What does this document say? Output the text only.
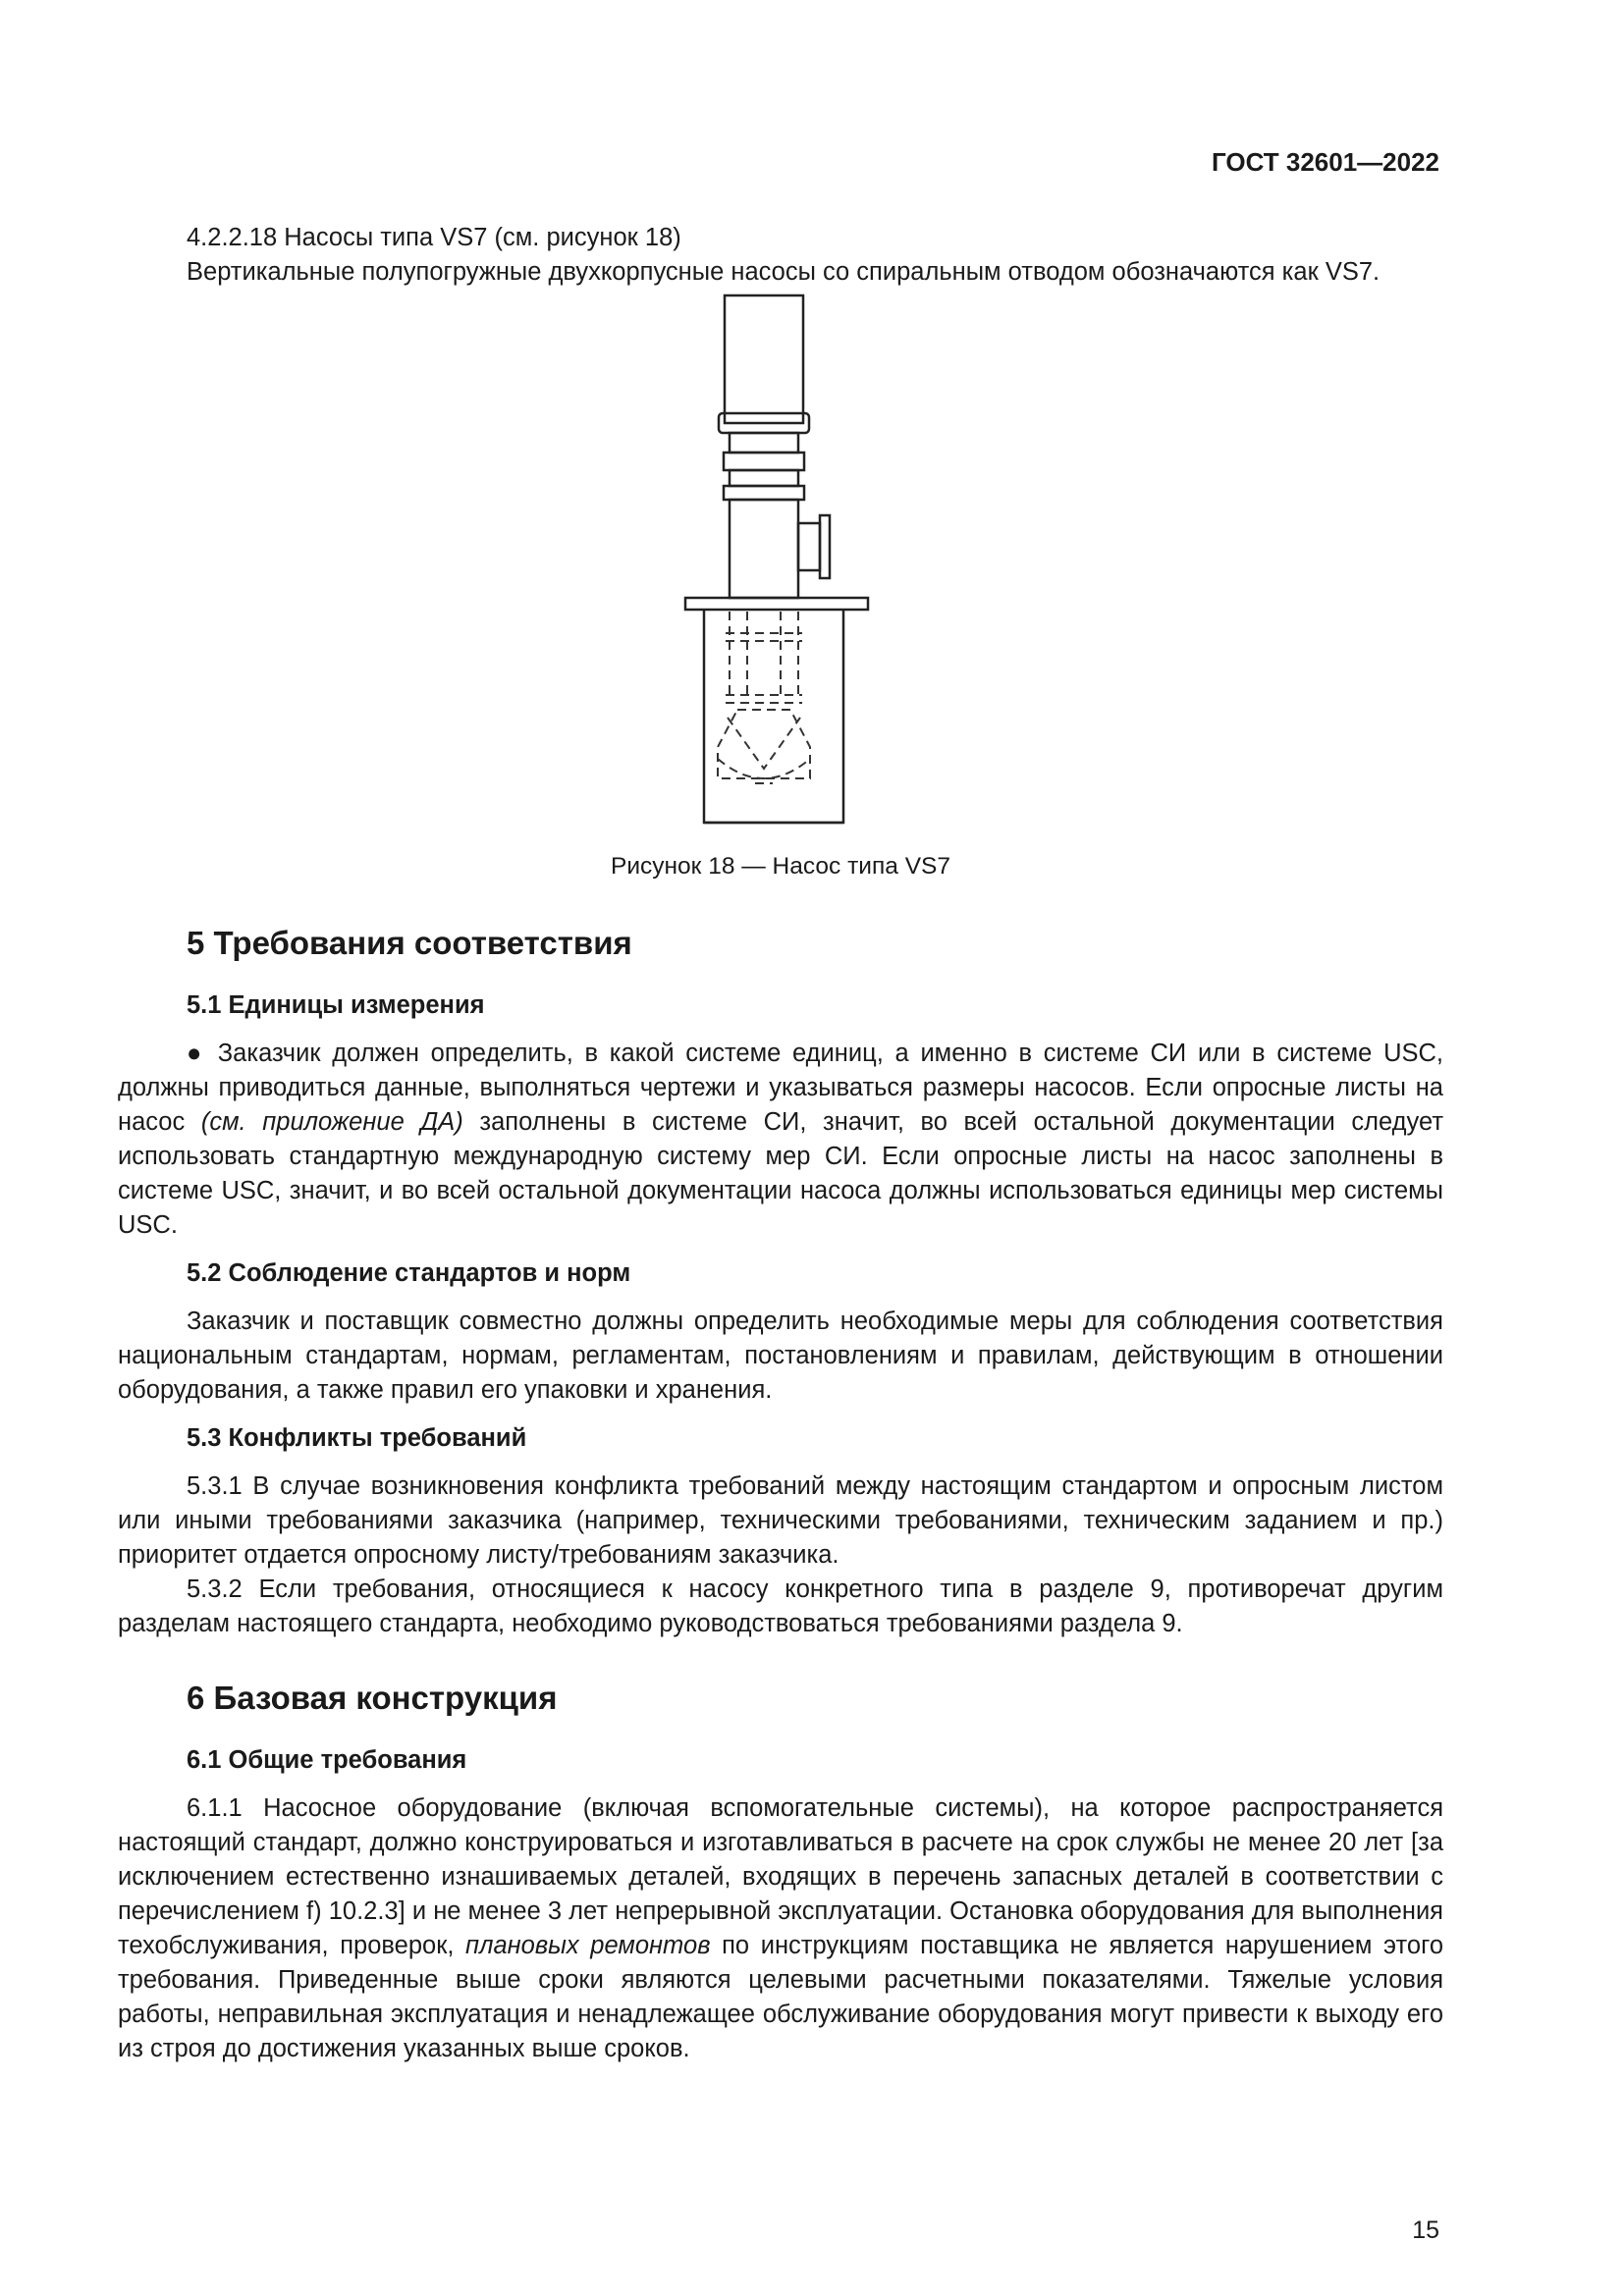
ГОСТ 32601—2022

4.2.2.18 Насосы типа VS7 (см. рисунок 18)

Вертикальные полупогружные двухкорпусные насосы со спиральным отводом обозначаются как VS7.

Рисунок 18 — Насос типа VS7
5 Требования соответствия
5.1 Единицы измерения

● Заказчик должен определить, в какой системе единиц, а именно в системе СИ или в системе USC, должны приводиться данные, выполняться чертежи и указываться размеры насосов. Если опросные листы на насос (см. приложение ДА) заполнены в системе СИ, значит, во всей остальной документации следует использовать стандартную международную систему мер СИ. Если опросные листы на насос заполнены в системе USC, значит, и во всей остальной документации насоса должны использоваться единицы мер системы USC.

5.2 Соблюдение стандартов и норм

Заказчик и поставщик совместно должны определить необходимые меры для соблюдения соответствия национальным стандартам, нормам, регламентам, постановлениям и правилам, действующим в отношении оборудования, а также правил его упаковки и хранения.

5.3 Конфликты требований

5.3.1 В случае возникновения конфликта требований между настоящим стандартом и опросным листом или иными требованиями заказчика (например, техническими требованиями, техническим заданием и пр.) приоритет отдается опросному листу/требованиям заказчика.

5.3.2 Если требования, относящиеся к насосу конкретного типа в разделе 9, противоречат другим разделам настоящего стандарта, необходимо руководствоваться требованиями раздела 9.

6 Базовая конструкция
6.1 Общие требования

6.1.1 Насосное оборудование (включая вспомогательные системы), на которое распространяется настоящий стандарт, должно конструироваться и изготавливаться в расчете на срок службы не менее 20 лет [за исключением естественно изнашиваемых деталей, входящих в перечень запасных деталей в соответствии с перечислением f) 10.2.3] и не менее 3 лет непрерывной эксплуатации. Остановка оборудования для выполнения техобслуживания, проверок, плановых ремонтов по инструкциям поставщика не является нарушением этого требования. Приведенные выше сроки являются целевыми расчетными показателями. Тяжелые условия работы, неправильная эксплуатация и ненадлежащее обслуживание оборудования могут привести к выходу его из строя до достижения указанных выше сроков.

15
